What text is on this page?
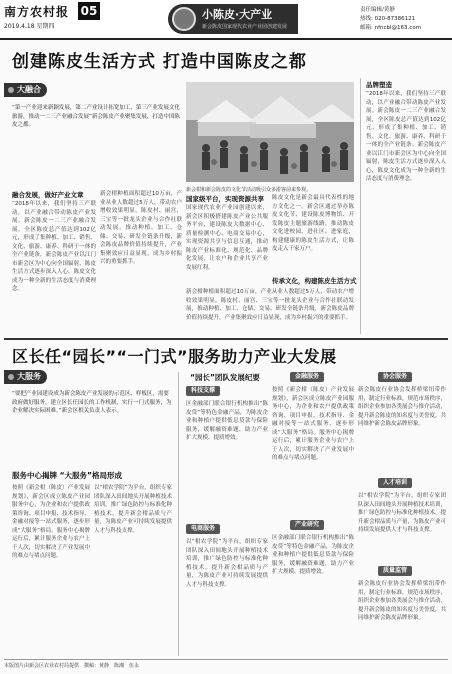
南方农村报 05
2019.4.18 星期四
小陈皮·大产业
新会陈皮国家现代农业产业园创建发展
责任编辑/黄静
热线: 020-87386121
邮箱: nfncbl@163.com
创建陈皮生活方式 打造中国陈皮之都
大融合
“第一产业迎来新颖发展，第二产业设计拓宽加工，第三产业发展文化旅游，推动一二三产业融合发展”新会陈皮产业聚集发展，打造中国陈皮之都。
新会柑和新会陈皮的文化节活动吸引众多游客前来参观。
融合发展，做好产业文章
“2018年以来，我们坚持三产联动，以产业融合带动陈皮产业发展。新会陈皮一二三产业融合发展，全区陈皮总产值达到102亿元，形成了集种植、加工、销售、文化、旅游、康养、科研于一体的全产业链条。新会陈皮产业以江门市新会区为中心向全国辐射，陈皮生活方式逐步深入人心，陈皮文化成为一种全新的生活态度与消费理念。
新会柑种植面积超过10万亩，产业从业人数超过5万人，带动农户增收效果明显。陈皮村、丽宫、三宝等一批龙头企业与合作社联动发展，推动种植、加工、仓储、交易、研发全链条升级，新会陈皮品牌价值持续提升，产业集聚效应日益显现，成为乡村振兴的重要抓手。
国家级平台，实现资源共享
国家现代农业产业园创建以来，新会区积极搭建陈皮产业公共服务平台，建设陈皮大数据中心、质量检测中心、电商交易中心，实现资源共享与信息互通，推动陈皮产业标准化、规范化、品牌化发展，让农户和企业共享产业发展红利。
传承文化，构建陈皮生活方式
陈皮文化是新会最具代表性的地方文化之一。新会区通过举办陈皮文化节、建设陈皮博物馆、开发陈皮主题旅游线路，推动陈皮文化进校园、进社区、进家庭，构建健康的陈皮生活方式，让陈皮走入千家万户。
新会柑种植面积超过10万亩，产业从业人数超过5万人，带动农户增收效果明显。陈皮村、丽宫、三宝等一批龙头企业与合作社联动发展，推动种植、加工、仓储、交易、研发全链条升级，新会陈皮品牌价值持续提升，产业集聚效应日益显现，成为乡村振兴的重要抓手。
品牌塑造
“2018年以来，我们坚持三产联动，以产业融合带动陈皮产业发展。新会陈皮一二三产业融合发展，全区陈皮总产值达到102亿元，形成了集种植、加工、销售、文化、旅游、康养、科研于一体的全产业链条。新会陈皮产业以江门市新会区为中心向全国辐射，陈皮生活方式逐步深入人心，陈皮文化成为一种全新的生活态度与消费理念。
区长任“园长”“一门式”服务助力产业大发展
大服务
“要把产业园建设成为新会陈皮产业发展的示范区、样板区，需要政府做好服务，建立区长任园长的工作机制，实行一门式服务，为企业解决实际困难。”新会区相关负责人表示。
服务中心揭牌 “大服务”格局形成
按照《新会柑（陈皮）产业发展规划》，新会区成立陈皮产业园服务中心，为企业和农户提供政策咨询、项目申报、技术指导、金融对接等一站式服务，逐步形成“大服务”格局。服务中心揭牌运行后，累计服务企业与农户上千人次，切实解决了产业发展中的难点与堵点问题。
以“柑农学院”为平台，组织专家团队深入田间地头开展种植技术培训，推广绿色防控与标准化种植技术，提升新会柑品质与产量，为陈皮产业可持续发展提供人才与科技支撑。
“园长”团队发展纪要
科技支撑
区金融部门联合银行机构推出“陈皮贷”等特色金融产品，为陈皮企业和种植户提供低息贷款与保险服务，缓解融资难题，助力产业扩大规模、提质增效。
电商服务
以“柑农学院”为平台，组织专家团队深入田间地头开展种植技术培训，推广绿色防控与标准化种植技术，提升新会柑品质与产量，为陈皮产业可持续发展提供人才与科技支撑。
金融服务
按照《新会柑（陈皮）产业发展规划》，新会区成立陈皮产业园服务中心，为企业和农户提供政策咨询、项目申报、技术指导、金融对接等一站式服务，逐步形成“大服务”格局。服务中心揭牌运行后，累计服务企业与农户上千人次，切实解决了产业发展中的难点与堵点问题。
产业研究
区金融部门联合银行机构推出“陈皮贷”等特色金融产品，为陈皮企业和种植户提供低息贷款与保险服务，缓解融资难题，助力产业扩大规模、提质增效。
协会服务
新会陈皮行业协会发挥桥梁纽带作用，制定行业标准，规范市场秩序，组织企业参加各类展会与推介活动，提升新会陈皮的知名度与美誉度，共同维护新会陈皮品牌形象。
人才培训
以“柑农学院”为平台，组织专家团队深入田间地头开展种植技术培训，推广绿色防控与标准化种植技术，提升新会柑品质与产量，为陈皮产业可持续发展提供人才与科技支撑。
质量监管
新会陈皮行业协会发挥桥梁纽带作用，制定行业标准，规范市场秩序，组织企业参加各类展会与推介活动，提升新会陈皮的知名度与美誉度，共同维护新会陈皮品牌形象。
本版图片由新会区农业农村局提供　撰稿：黄静　陈湘　伍永
